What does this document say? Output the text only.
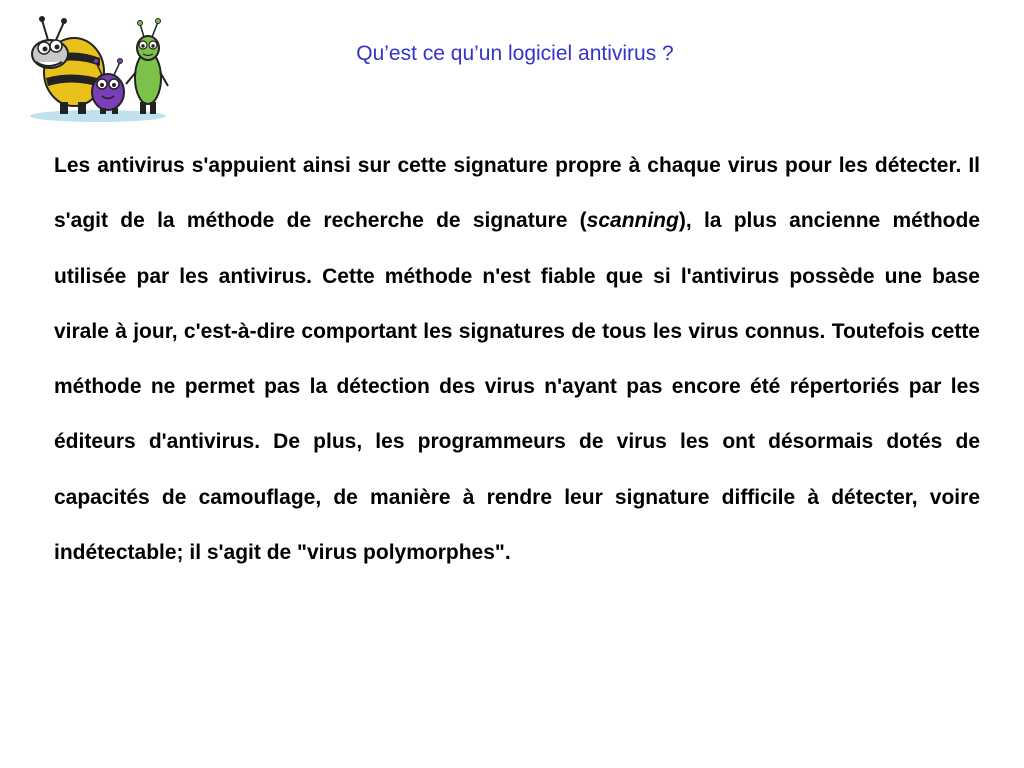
Qu’est ce qu’un logiciel antivirus ?

Les antivirus s'appuient ainsi sur cette signature propre à chaque virus pour les détecter. Il s'agit de la méthode de recherche de signature (scanning), la plus ancienne méthode utilisée par les antivirus. Cette méthode n'est fiable que si l'antivirus possède une base virale à jour, c'est-à-dire comportant les signatures de tous les virus connus. Toutefois cette méthode ne permet pas la détection des virus n'ayant pas encore été répertoriés par les éditeurs d'antivirus. De plus, les programmeurs de virus les ont désormais dotés de capacités de camouflage, de manière à rendre leur signature difficile à détecter, voire indétectable; il s'agit de "virus polymorphes".
